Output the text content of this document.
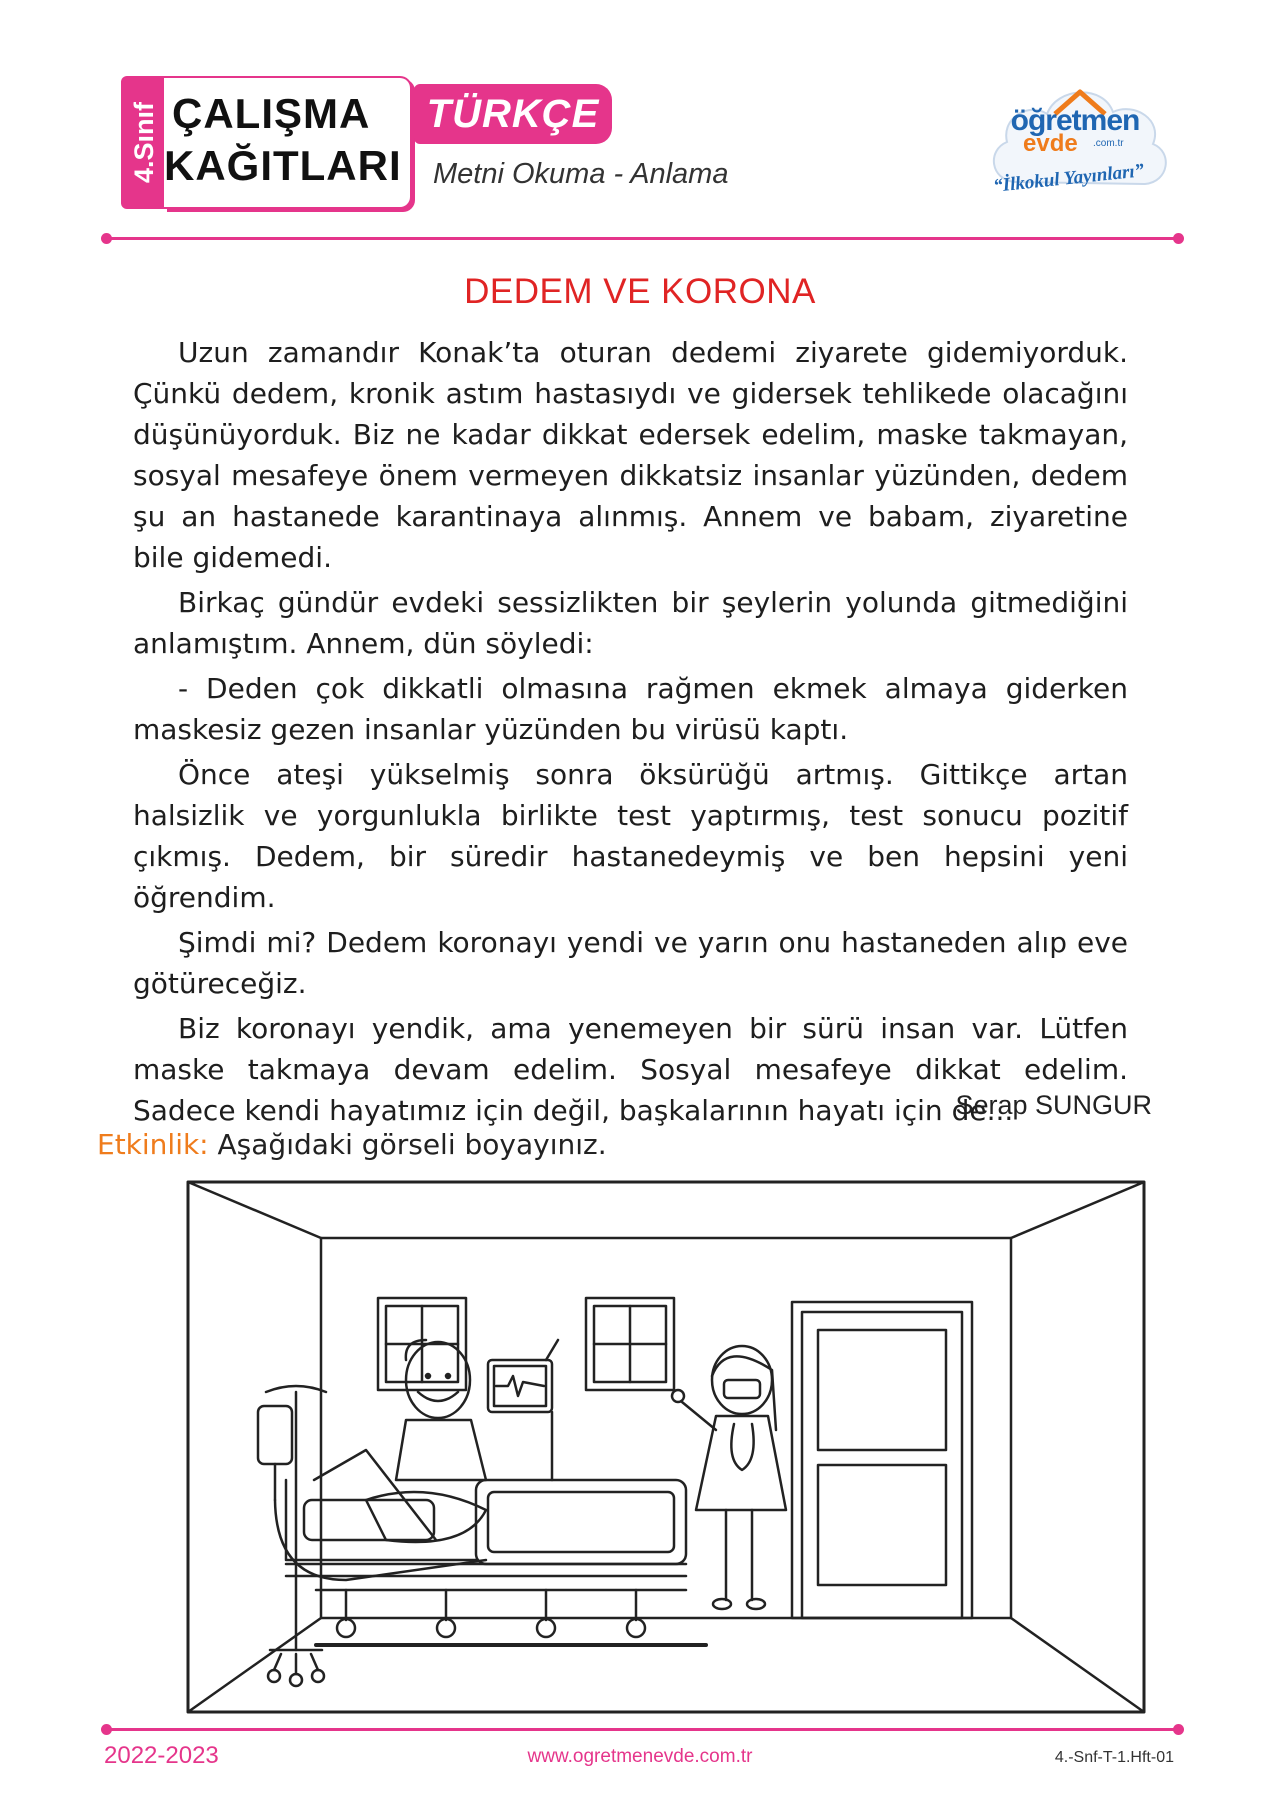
4.Sınıf ÇALIŞMA
KAĞITLARI
TÜRKÇE
Metni Okuma - Anlama
öğretmen
evde .com.tr
“İlkokul Yayınları”
DEDEM VE KORONA

Uzun zamandır Konak’ta oturan dedemi ziyarete gidemiyorduk. Çünkü dedem, kronik astım hastasıydı ve gidersek tehlikede olacağını düşünüyorduk. Biz ne kadar dikkat edersek edelim, maske takmayan, sosyal mesafeye önem vermeyen dikkatsiz insanlar yüzünden, dedem şu an hastanede karantinaya alınmış. Annem ve babam, ziyaretine bile gidemedi.

Birkaç gündür evdeki sessizlikten bir şeylerin yolunda gitmediğini anlamıştım. Annem, dün söyledi:

- Deden çok dikkatli olmasına rağmen ekmek almaya giderken maskesiz gezen insanlar yüzünden bu virüsü kaptı.

Önce ateşi yükselmiş sonra öksürüğü artmış. Gittikçe artan halsizlik ve yorgunlukla birlikte test yaptırmış, test sonucu pozitif çıkmış. Dedem, bir süredir hastanedeymiş ve ben hepsini yeni öğrendim.

Şimdi mi? Dedem koronayı yendi ve yarın onu hastaneden alıp eve götüreceğiz.

Biz koronayı yendik, ama yenemeyen bir sürü insan var. Lütfen maske takmaya devam edelim. Sosyal mesafeye dikkat edelim. Sadece kendi hayatımız için değil, başkalarının hayatı için de...

Serap SUNGUR
Etkinlik: Aşağıdaki görseli boyayınız.
2022-2023	www.ogretmenevde.com.tr	4.-Snf-T-1.Hft-01
